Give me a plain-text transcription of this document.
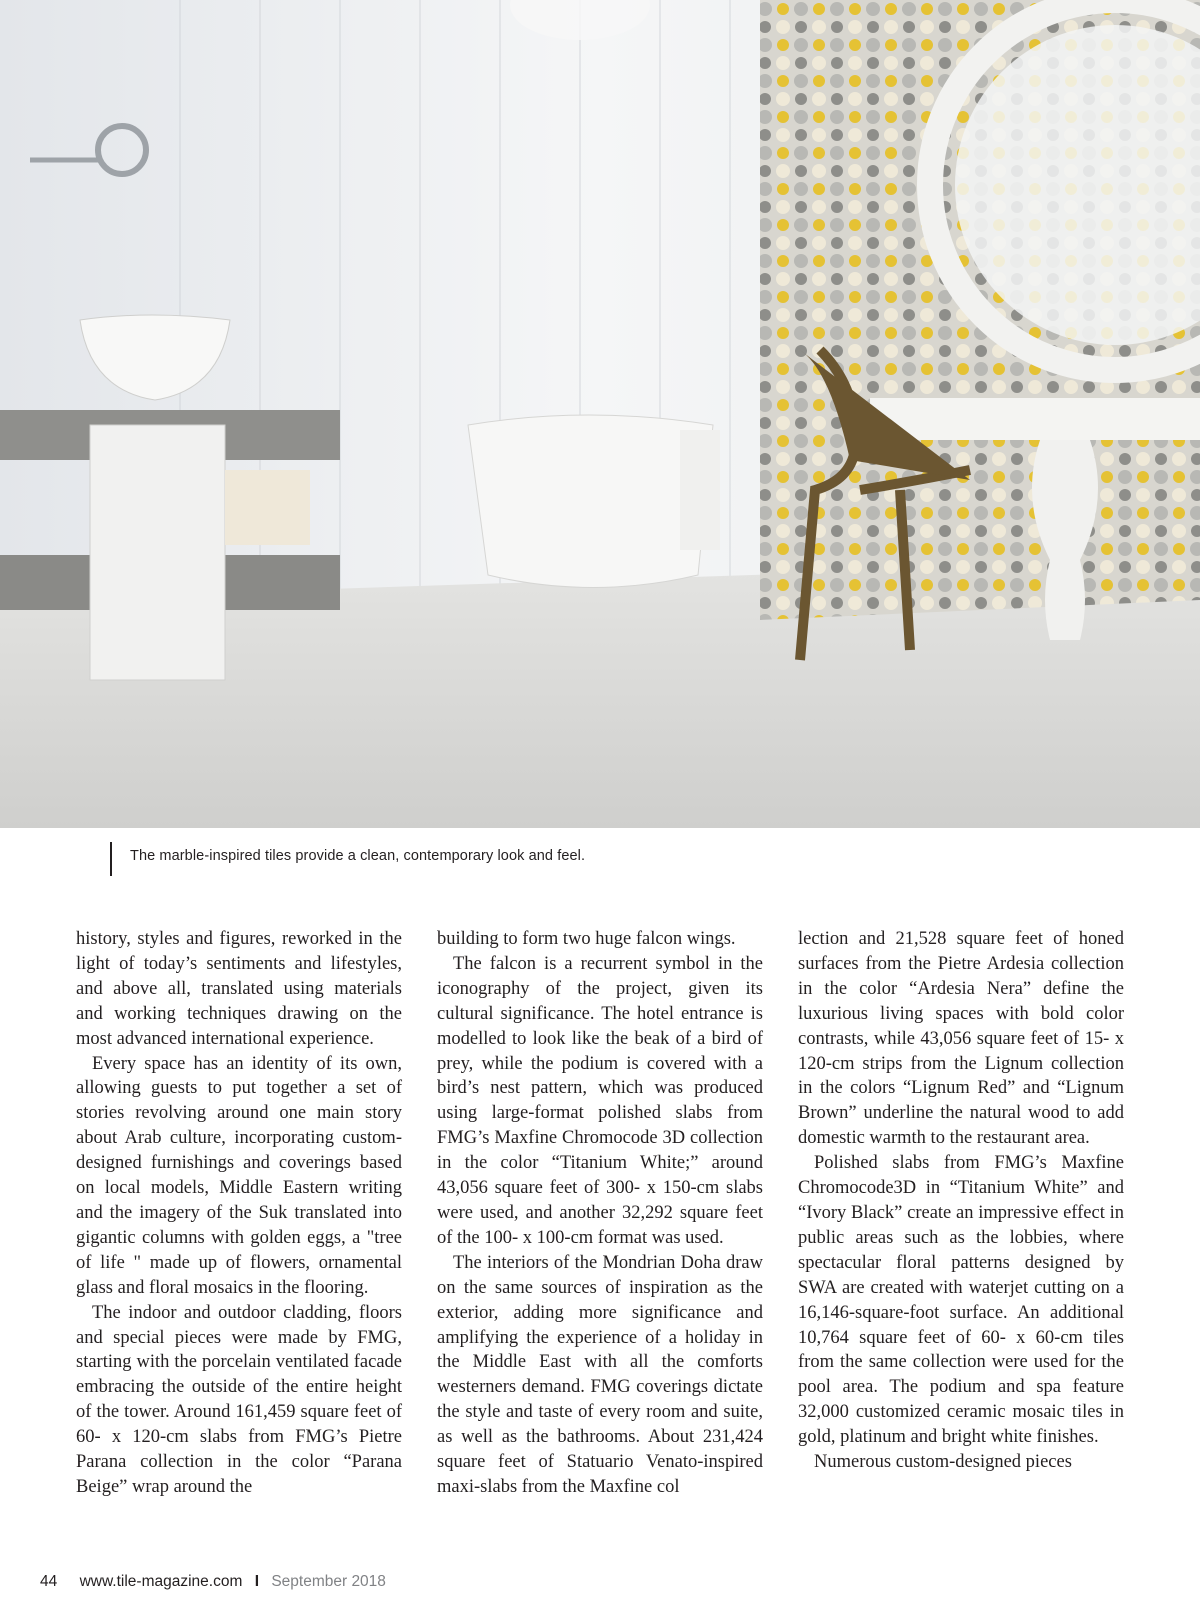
The marble-inspired tiles provide a clean, contemporary look and feel.

history, styles and figures, reworked in the light of today’s sentiments and lifestyles, and above all, translated using materials and working techniques drawing on the most advanced international experience.

Every space has an identity of its own, allowing guests to put together a set of stories revolving around one main story about Arab culture, incorporating custom-designed furnishings and coverings based on local models, Middle Eastern writing and the imagery of the Suk translated into gigantic columns with golden eggs, a "tree of life " made up of flowers, ornamental glass and floral mosaics in the flooring.

The indoor and outdoor cladding, floors and special pieces were made by FMG, starting with the porcelain ventilated facade embracing the outside of the entire height of the tower. Around 161,459 square feet of 60- x 120-cm slabs from FMG’s Pietre Parana collection in the color “Parana Beige” wrap around the

building to form two huge falcon wings.

The falcon is a recurrent symbol in the iconography of the project, given its cultural significance. The hotel entrance is modelled to look like the beak of a bird of prey, while the podium is covered with a bird’s nest pattern, which was produced using large-format polished slabs from FMG’s Maxfine Chromocode 3D collection in the color “Titanium White;” around 43,056 square feet of 300- x 150-cm slabs were used, and another 32,292 square feet of the 100- x 100-cm format was used.

The interiors of the Mondrian Doha draw on the same sources of inspiration as the exterior, adding more significance and amplifying the experience of a holiday in the Middle East with all the comforts westerners demand. FMG coverings dictate the style and taste of every room and suite, as well as the bathrooms. About 231,424 square feet of Statuario Venato-inspired maxi-slabs from the Maxfine col

lection and 21,528 square feet of honed surfaces from the Pietre Ardesia collection in the color “Ardesia Nera” define the luxurious living spaces with bold color contrasts, while 43,056 square feet of 15- x 120-cm strips from the Lignum collection in the colors “Lignum Red” and “Lignum Brown” underline the natural wood to add domestic warmth to the restaurant area.

Polished slabs from FMG’s Maxfine Chromocode3D in “Titanium White” and “Ivory Black” create an impressive effect in public areas such as the lobbies, where spectacular floral patterns designed by SWA are created with waterjet cutting on a 16,146-square-foot surface. An additional 10,764 square feet of 60- x 60-cm tiles from the same collection were used for the pool area. The podium and spa feature 32,000 customized ceramic mosaic tiles in gold, platinum and bright white finishes.

Numerous custom-designed pieces

44 www.tile-magazine.com I September 2018
